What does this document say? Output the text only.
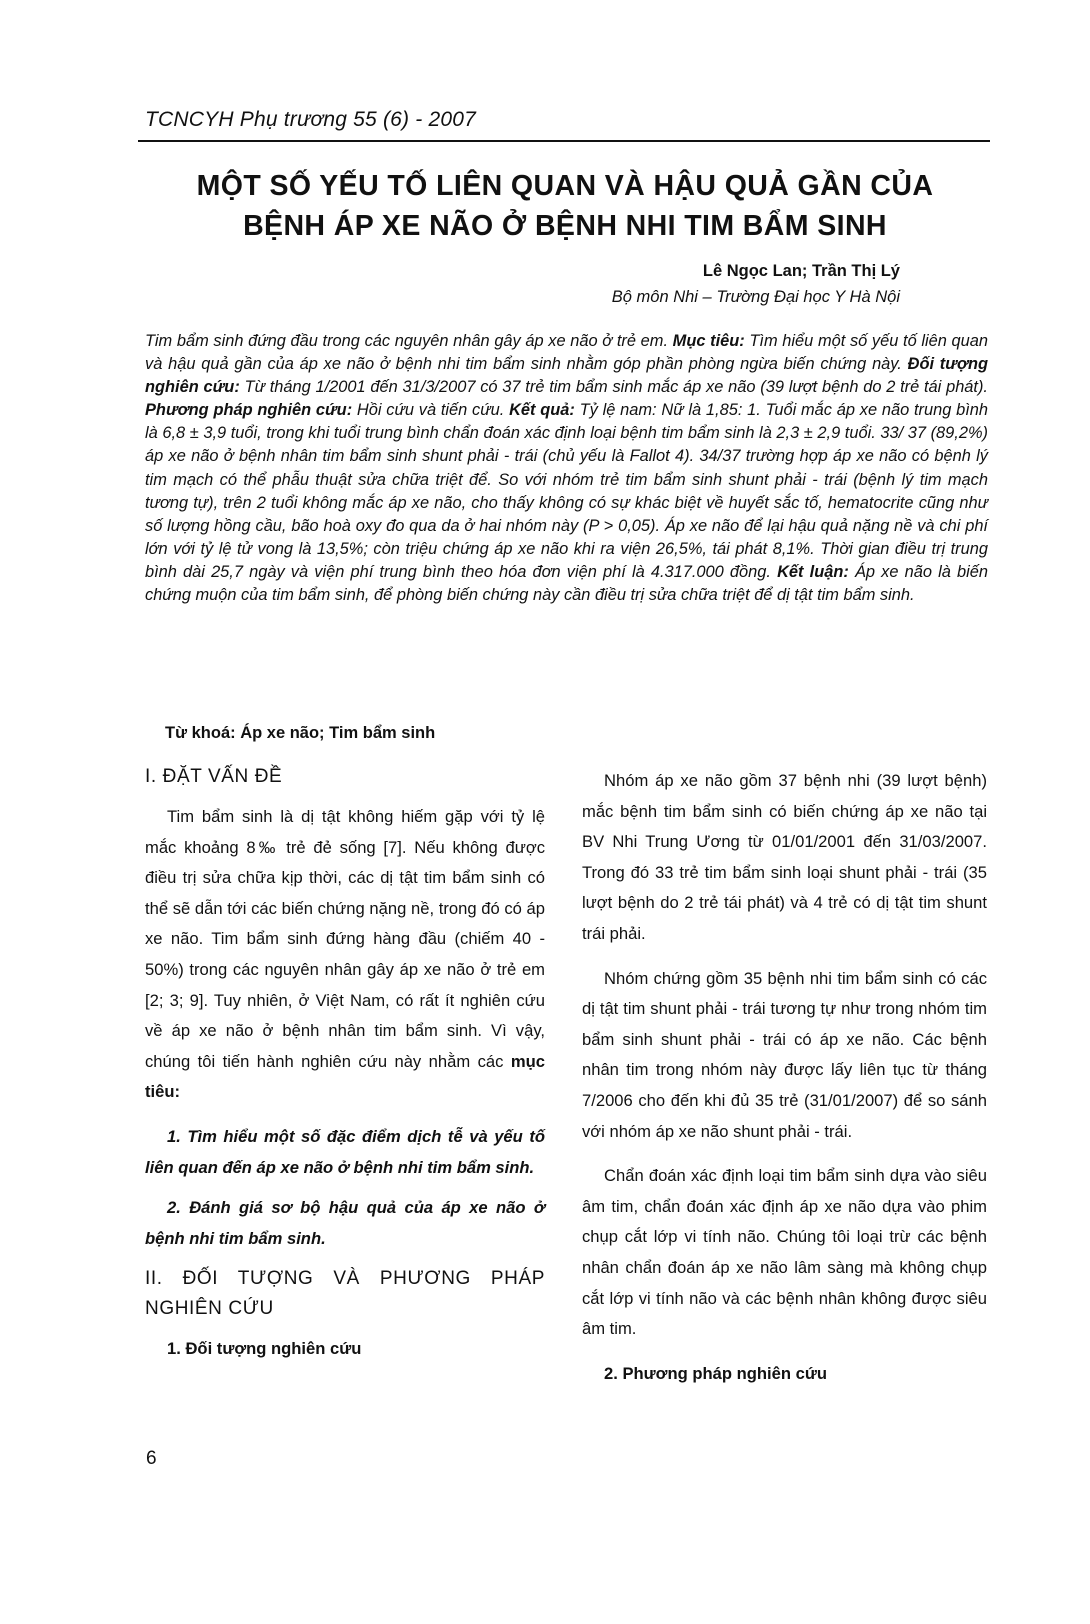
TCNCYH Phụ trương 55 (6) - 2007
MỘT SỐ YẾU TỐ LIÊN QUAN VÀ HẬU QUẢ GẦN CỦA
BỆNH ÁP XE NÃO Ở BỆNH NHI TIM BẨM SINH
Lê Ngọc Lan; Trần Thị Lý
Bộ môn Nhi – Trường Đại học Y Hà Nội

Tim bẩm sinh đứng đầu trong các nguyên nhân gây áp xe não ở trẻ em. Mục tiêu: Tìm hiểu một số yếu tố liên quan và hậu quả gần của áp xe não ở bệnh nhi tim bẩm sinh nhằm góp phần phòng ngừa biến chứng này. Đối tượng nghiên cứu: Từ tháng 1/2001 đến 31/3/2007 có 37 trẻ tim bẩm sinh mắc áp xe não (39 lượt bệnh do 2 trẻ tái phát). Phương pháp nghiên cứu: Hồi cứu và tiến cứu. Kết quả: Tỷ lệ nam: Nữ là 1,85: 1. Tuổi mắc áp xe não trung bình là 6,8 ± 3,9 tuổi, trong khi tuổi trung bình chẩn đoán xác định loại bệnh tim bẩm sinh là 2,3 ± 2,9 tuổi. 33/ 37 (89,2%) áp xe não ở bệnh nhân tim bẩm sinh shunt phải - trái (chủ yếu là Fallot 4). 34/37 trường hợp áp xe não có bệnh lý tim mạch có thể phẫu thuật sửa chữa triệt để. So với nhóm trẻ tim bẩm sinh shunt phải - trái (bệnh lý tim mạch tương tự), trên 2 tuổi không mắc áp xe não, cho thấy không có sự khác biệt về huyết sắc tố, hematocrite cũng như số lượng hồng cầu, bão hoà oxy đo qua da ở hai nhóm này (P > 0,05). Áp xe não để lại hậu quả nặng nề và chi phí lớn với tỷ lệ tử vong là 13,5%; còn triệu chứng áp xe não khi ra viện 26,5%, tái phát 8,1%. Thời gian điều trị trung bình dài 25,7 ngày và viện phí trung bình theo hóa đơn viện phí là 4.317.000 đồng. Kết luận: Áp xe não là biến chứng muộn của tim bẩm sinh, để phòng biến chứng này cần điều trị sửa chữa triệt để dị tật tim bẩm sinh.

Từ khoá: Áp xe não; Tim bẩm sinh
I. ĐẶT VẤN ĐỀ

Tim bẩm sinh là dị tật không hiếm gặp với tỷ lệ mắc khoảng 8‰ trẻ đẻ sống [7]. Nếu không được điều trị sửa chữa kịp thời, các dị tật tim bẩm sinh có thể sẽ dẫn tới các biến chứng nặng nề, trong đó có áp xe não. Tim bẩm sinh đứng hàng đầu (chiếm 40 - 50%) trong các nguyên nhân gây áp xe não ở trẻ em [2; 3; 9]. Tuy nhiên, ở Việt Nam, có rất ít nghiên cứu về áp xe não ở bệnh nhân tim bẩm sinh. Vì vậy, chúng tôi tiến hành nghiên cứu này nhằm các mục tiêu:

1. Tìm hiểu một số đặc điểm dịch tễ và yếu tố liên quan đến áp xe não ở bệnh nhi tim bẩm sinh.

2. Đánh giá sơ bộ hậu quả của áp xe não ở bệnh nhi tim bẩm sinh.

II. ĐỐI TƯỢNG VÀ PHƯƠNG PHÁP NGHIÊN CỨU
1. Đối tượng nghiên cứu

Nhóm áp xe não gồm 37 bệnh nhi (39 lượt bệnh) mắc bệnh tim bẩm sinh có biến chứng áp xe não tại BV Nhi Trung Ương từ 01/01/2001 đến 31/03/2007. Trong đó 33 trẻ tim bẩm sinh loại shunt phải - trái (35 lượt bệnh do 2 trẻ tái phát) và 4 trẻ có dị tật tim shunt trái phải.

Nhóm chứng gồm 35 bệnh nhi tim bẩm sinh có các dị tật tim shunt phải - trái tương tự như trong nhóm tim bẩm sinh shunt phải - trái có áp xe não. Các bệnh nhân tim trong nhóm này được lấy liên tục từ tháng 7/2006 cho đến khi đủ 35 trẻ (31/01/2007) để so sánh với nhóm áp xe não shunt phải - trái.

Chẩn đoán xác định loại tim bẩm sinh dựa vào siêu âm tim, chẩn đoán xác định áp xe não dựa vào phim chụp cắt lớp vi tính não. Chúng tôi loại trừ các bệnh nhân chẩn đoán áp xe não lâm sàng mà không chụp cắt lớp vi tính não và các bệnh nhân không được siêu âm tim.

2. Phương pháp nghiên cứu
6
